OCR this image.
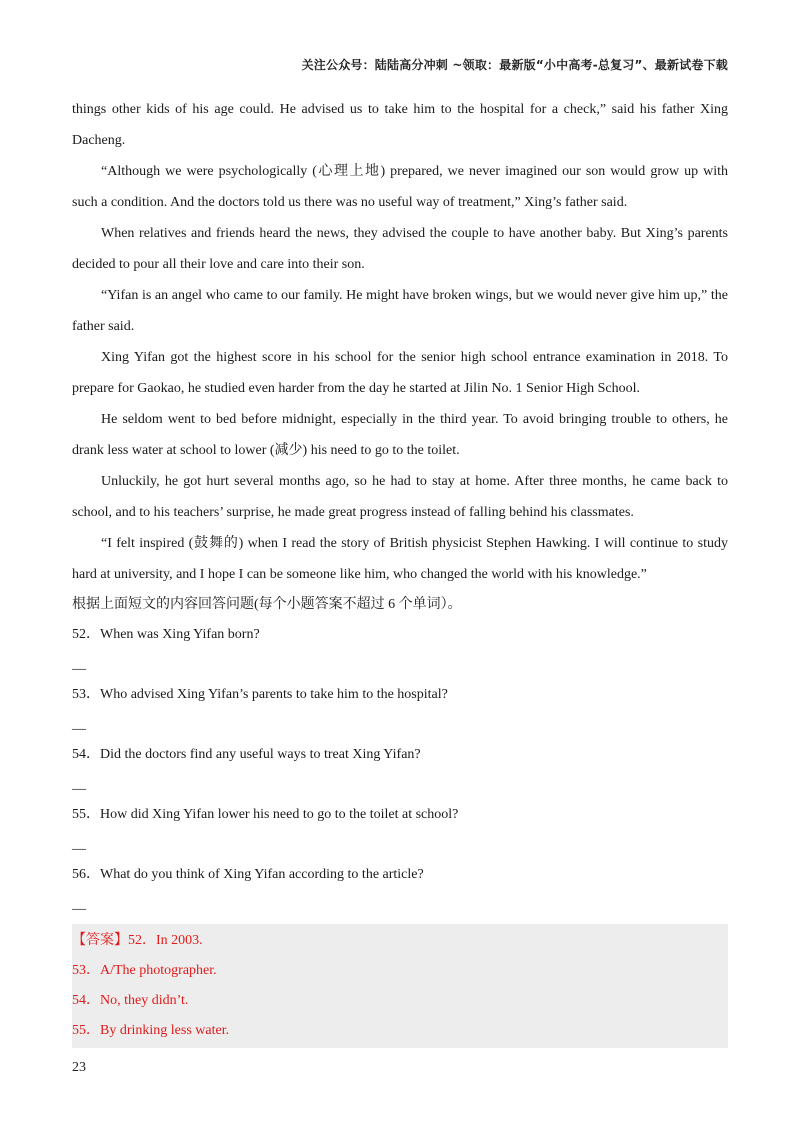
关注公众号：陆陆高分冲刺 ~领取：最新版“小中高考-总复习”、最新试卷下载

things other kids of his age could. He advised us to take him to the hospital for a check,” said his father Xing Dacheng.

“Although we were psychologically (心理上地) prepared, we never imagined our son would grow up with such a condition. And the doctors told us there was no useful way of treatment,” Xing’s father said.

When relatives and friends heard the news, they advised the couple to have another baby. But Xing’s parents decided to pour all their love and care into their son.

“Yifan is an angel who came to our family. He might have broken wings, but we would never give him up,” the father said.

Xing Yifan got the highest score in his school for the senior high school entrance examination in 2018. To prepare for Gaokao, he studied even harder from the day he started at Jilin No. 1 Senior High School.

He seldom went to bed before midnight, especially in the third year. To avoid bringing trouble to others, he drank less water at school to lower (减少) his need to go to the toilet.

Unluckily, he got hurt several months ago, so he had to stay at home. After three months, he came back to school, and to his teachers’ surprise, he made great progress instead of falling behind his classmates.

“I felt inspired (鼓舞的) when I read the story of British physicist Stephen Hawking. I will continue to study hard at university, and I hope I can be someone like him, who changed the world with his knowledge.”

根据上面短文的内容回答问题(每个小题答案不超过 6 个单词）。

52．When was Xing Yifan born?

__

53．Who advised Xing Yifan’s parents to take him to the hospital?

__

54．Did the doctors find any useful ways to treat Xing Yifan?

__

55．How did Xing Yifan lower his need to go to the toilet at school?

__

56．What do you think of Xing Yifan according to the article?

__

【答案】52．In 2003.

53．A/The photographer.

54．No, they didn’t.

55．By drinking less water.

23
